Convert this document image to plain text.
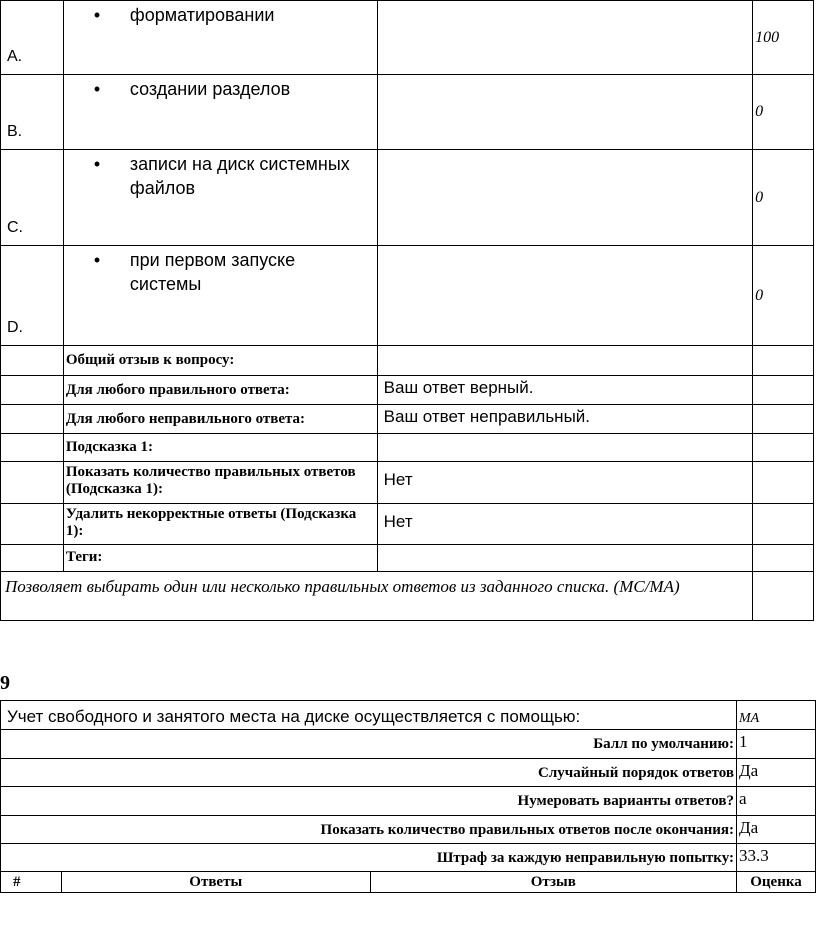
A.	• форматировании		100
B.	• создании разделов		0
C.	• записи на диск системных файлов		0
D.	• при первом запуске системы		0
	Общий отзыв к вопросу:		
	Для любого правильного ответа:	Ваш ответ верный.	
	Для любого неправильного ответа:	Ваш ответ неправильный.	
	Подсказка 1:		
	Показать количество правильных ответов (Подсказка 1):	Нет	
	Удалить некорректные ответы (Подсказка 1):	Нет	
	Теги:		
Позволяет выбирать один или несколько правильных ответов из заданного списка. (MC/MA)			
9
Учет свободного и занятого места на диске осуществляется с помощью:			MA
Балл по умолчанию:			1
Случайный порядок ответов			Да
Нумеровать варианты ответов?			a
Показать количество правильных ответов после окончания:			Да
Штраф за каждую неправильную попытку:			33.3
#	Ответы	Отзыв	Оценка
